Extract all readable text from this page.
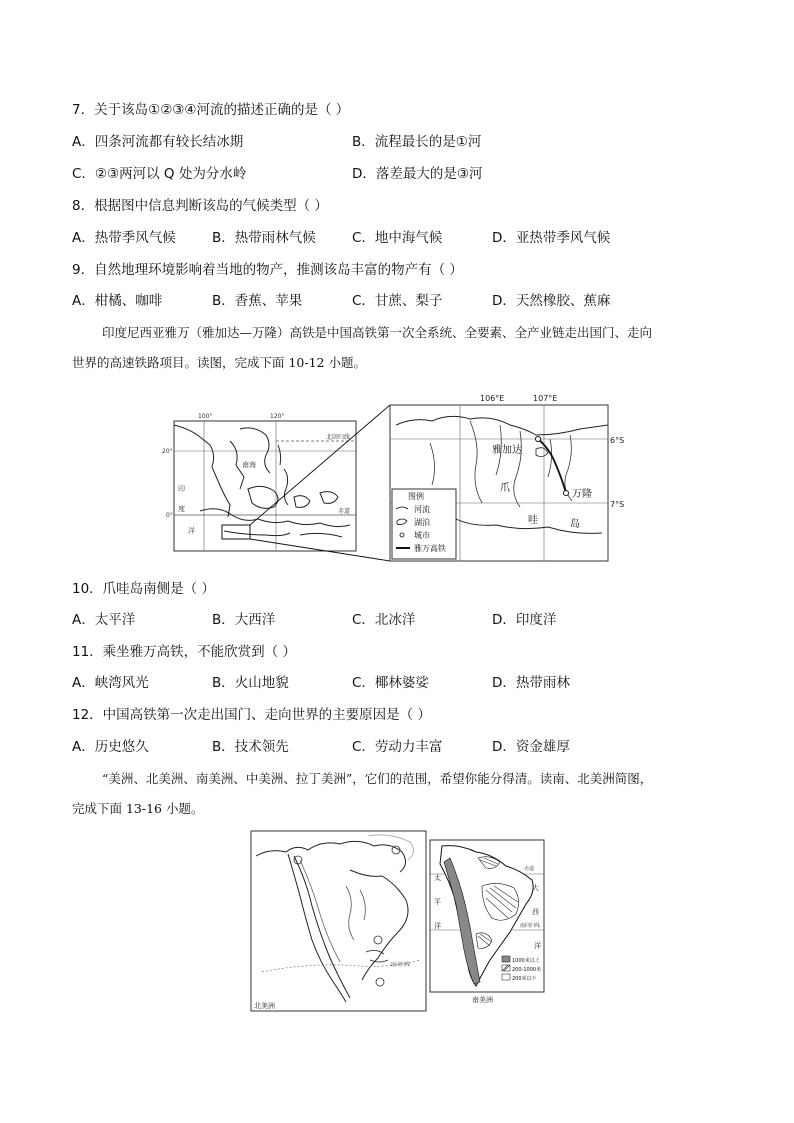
7．关于该岛①②③④河流的描述正确的是（ ）
A．四条河流都有较长结冰期	B．流程最长的是①河
C．②③两河以 Q 处为分水岭	D．落差最大的是③河
8．根据图中信息判断该岛的气候类型（ ）
A．热带季风气候	B．热带雨林气候	C．地中海气候	D．亚热带季风气候
9．自然地理环境影响着当地的物产，推测该岛丰富的物产有（ ）
A．柑橘、咖啡	B．香蕉、苹果	C．甘蔗、梨子	D．天然橡胶、蕉麻
印度尼西亚雅万（雅加达—万隆）高铁是中国高铁第一次全系统、全要素、全产业链走出国门、走向
世界的高速铁路项目。读图，完成下面 10-12 小题。
100°	120°
北回归线
20°
南海
印
度
洋
赤道
0°
106°E	107°E
6°S
7°S
雅加达
万隆
爪
哇	岛
图例
河流
湖泊
城市
雅万高铁
10．爪哇岛南侧是（ ）
A．太平洋	B．大西洋	C．北冰洋	D．印度洋
11．乘坐雅万高铁，不能欣赏到（ ）
A．峡湾风光	B．火山地貌	C．椰林婆娑	D．热带雨林
12．中国高铁第一次走出国门、走向世界的主要原因是（ ）
A．历史悠久	B．技术领先	C．劳动力丰富	D．资金雄厚
“美洲、北美洲、南美洲、中美洲、拉丁美洲”，它们的范围，希望你能分得清。读南、北美洲简图，
完成下面 13-16 小题。
北回归线
北美洲
赤道
南回归线
大
西
洋
太
平
洋
1000米以上
200-1000米
200米以下
南美洲
